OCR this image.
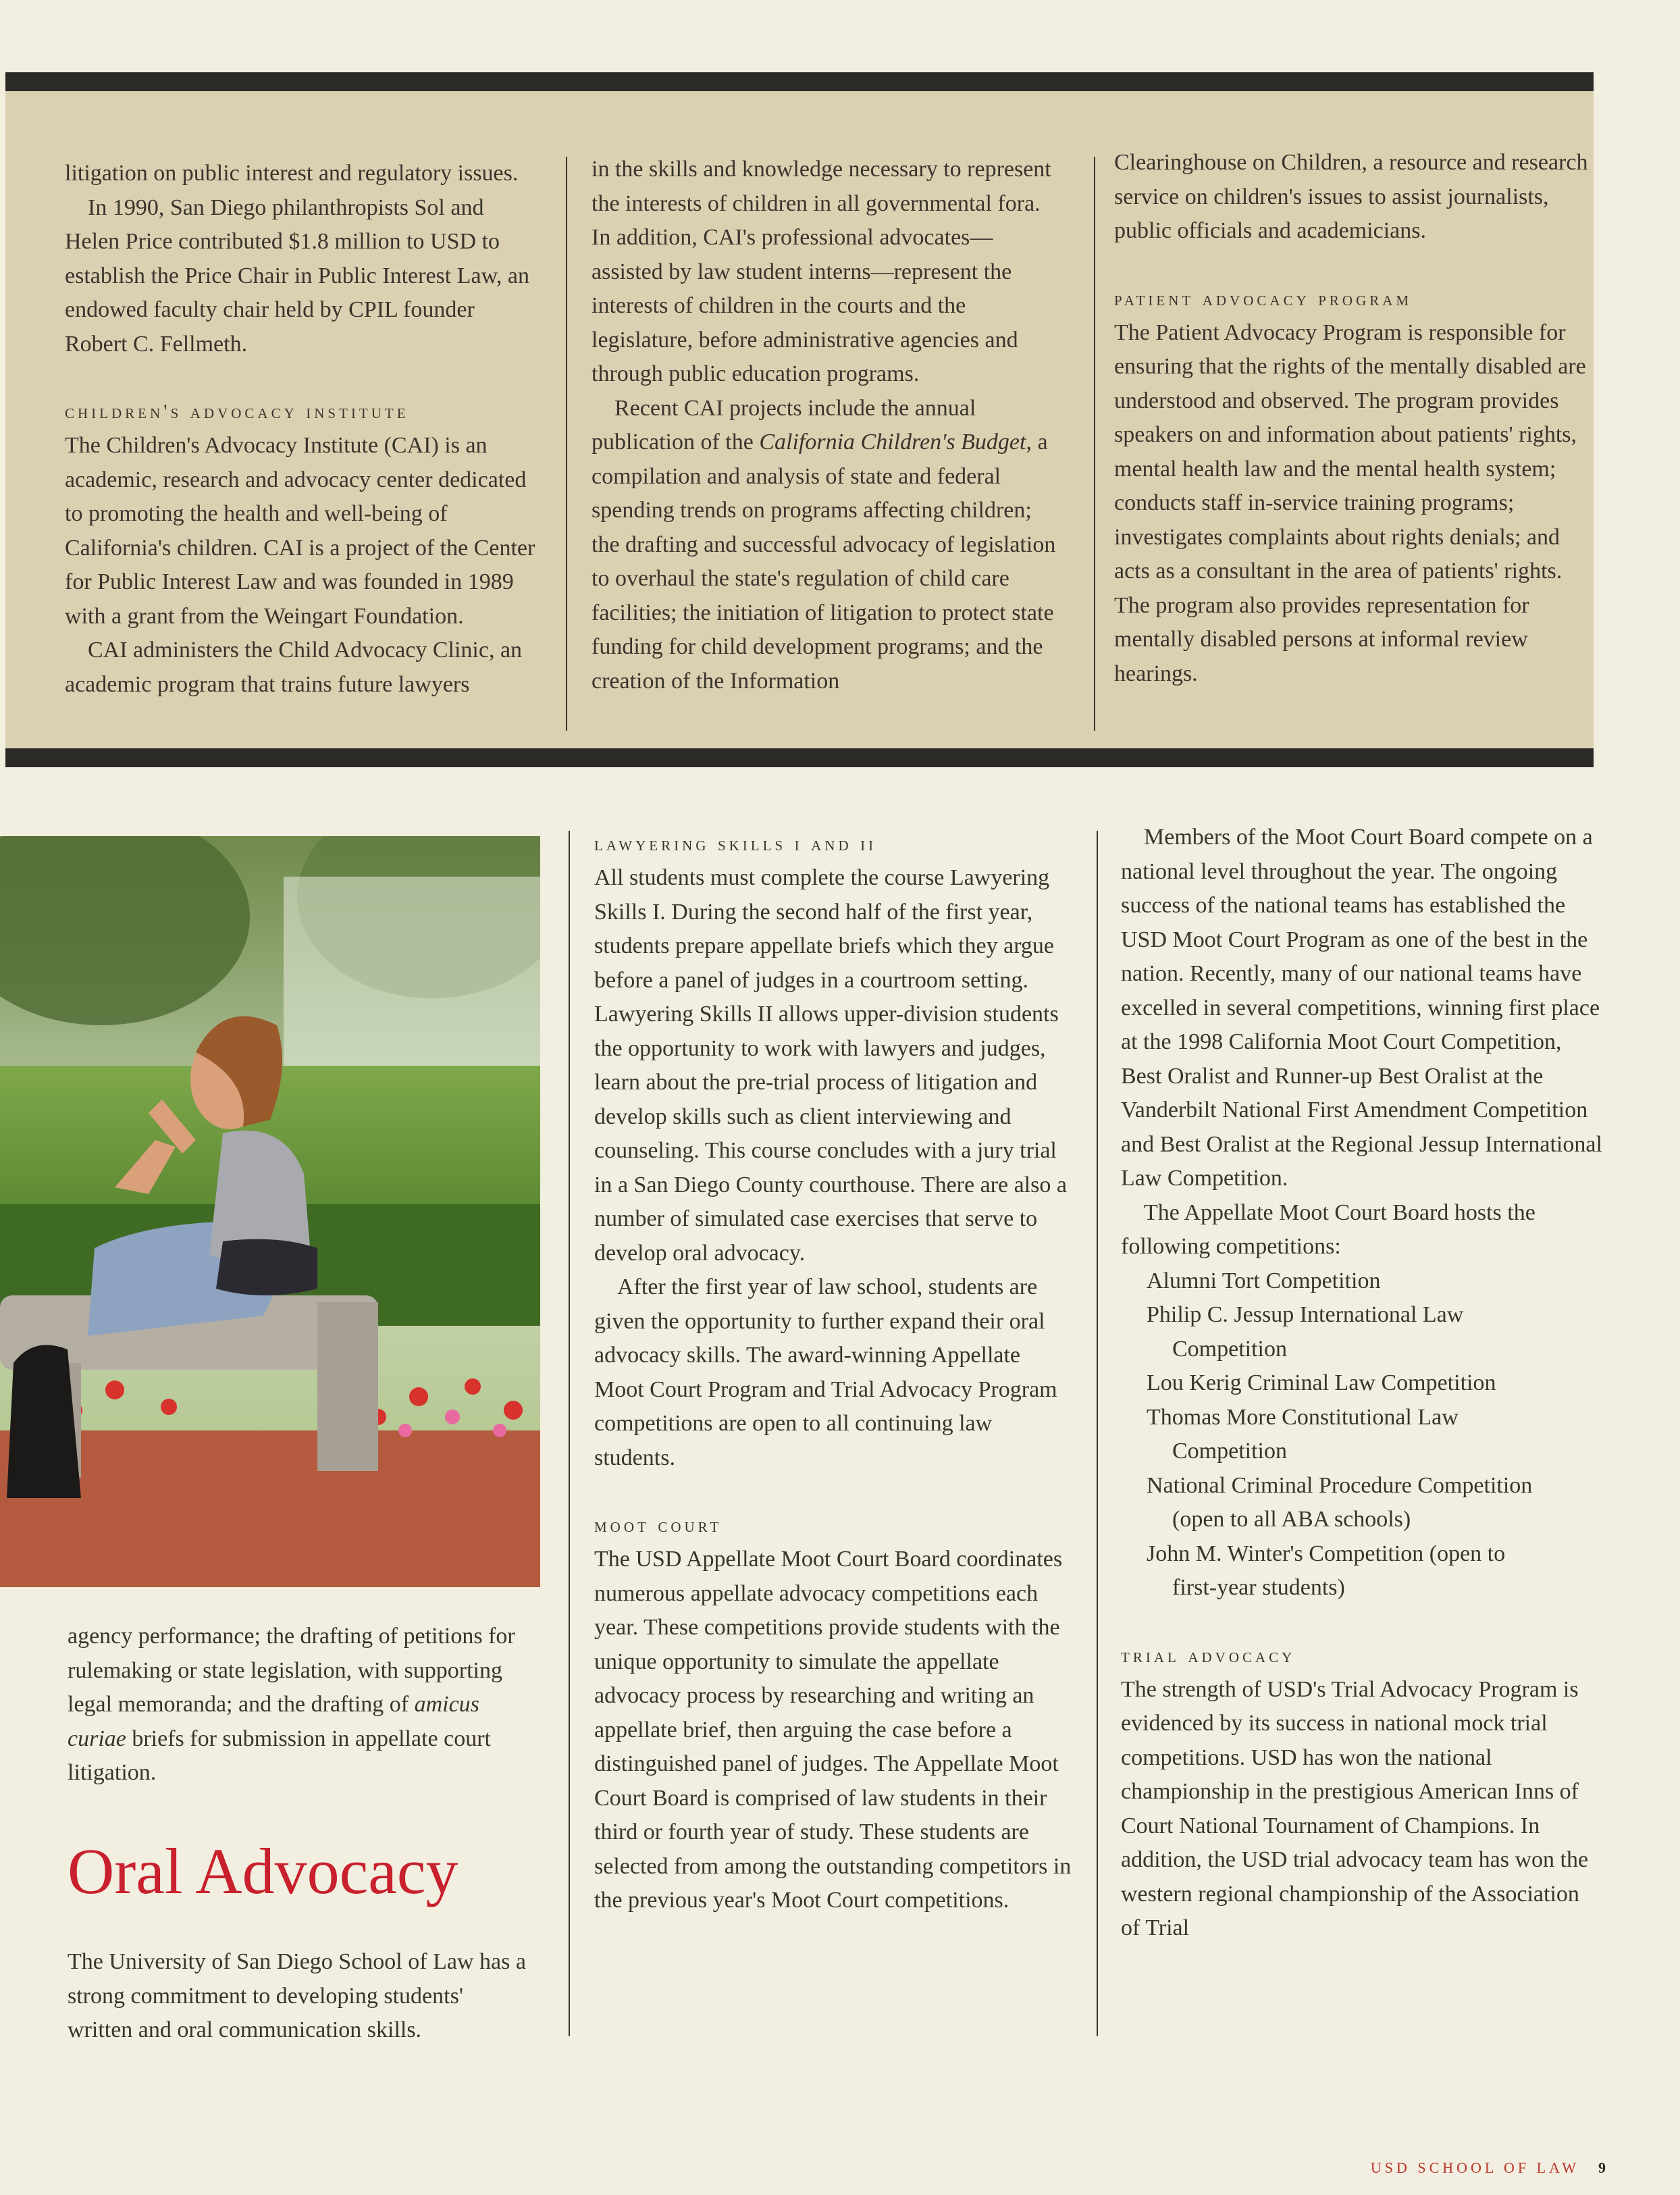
litigation on public interest and regulatory issues.

In 1990, San Diego philanthropists Sol and Helen Price contributed $1.8 million to USD to establish the Price Chair in Public Interest Law, an endowed faculty chair held by CPIL founder Robert C. Fellmeth.

children's advocacy institute

The Children's Advocacy Institute (CAI) is an academic, research and advocacy center dedicated to promoting the health and well-being of California's children. CAI is a project of the Center for Public Interest Law and was founded in 1989 with a grant from the Weingart Foundation.

CAI administers the Child Advocacy Clinic, an academic program that trains future lawyers

in the skills and knowledge necessary to represent the interests of children in all governmental fora. In addition, CAI's professional advocates—assisted by law student interns—represent the interests of children in the courts and the legislature, before administrative agencies and through public education programs.

Recent CAI projects include the annual publication of the California Children's Budget, a compilation and analysis of state and federal spending trends on programs affecting children; the drafting and successful advocacy of legislation to overhaul the state's regulation of child care facilities; the initiation of litigation to protect state funding for child development programs; and the creation of the Information

Clearinghouse on Children, a resource and research service on children's issues to assist journalists, public officials and academicians.

patient advocacy program

The Patient Advocacy Program is responsible for ensuring that the rights of the mentally disabled are understood and observed. The program provides speakers on and information about patients' rights, mental health law and the mental health system; conducts staff in-service training programs; investigates complaints about rights denials; and acts as a consultant in the area of patients' rights. The program also provides representation for mentally disabled persons at informal review hearings.

agency performance; the drafting of petitions for rulemaking or state legislation, with supporting legal memoranda; and the drafting of amicus curiae briefs for submission in appellate court litigation.

Oral Advocacy

The University of San Diego School of Law has a strong commitment to developing students' written and oral communication skills.

lawyering skills i and ii

All students must complete the course Lawyering Skills I. During the second half of the first year, students prepare appellate briefs which they argue before a panel of judges in a courtroom setting. Lawyering Skills II allows upper-division students the opportunity to work with lawyers and judges, learn about the pre-trial process of litigation and develop skills such as client interviewing and counseling. This course concludes with a jury trial in a San Diego County courthouse. There are also a number of simulated case exercises that serve to develop oral advocacy.

After the first year of law school, students are given the opportunity to further expand their oral advocacy skills. The award-winning Appellate Moot Court Program and Trial Advocacy Program competitions are open to all continuing law students.

moot court

The USD Appellate Moot Court Board coordinates numerous appellate advocacy competitions each year. These competitions provide students with the unique opportunity to simulate the appellate advocacy process by researching and writing an appellate brief, then arguing the case before a distinguished panel of judges. The Appellate Moot Court Board is comprised of law students in their third or fourth year of study. These students are selected from among the outstanding competitors in the previous year's Moot Court competitions.

Members of the Moot Court Board compete on a national level throughout the year. The ongoing success of the national teams has established the USD Moot Court Program as one of the best in the nation. Recently, many of our national teams have excelled in several competitions, winning first place at the 1998 California Moot Court Competition, Best Oralist and Runner-up Best Oralist at the Vanderbilt National First Amendment Competition and Best Oralist at the Regional Jessup International Law Competition.

The Appellate Moot Court Board hosts the following competitions:

Alumni Tort Competition
Philip C. Jessup International Law
Competition
Lou Kerig Criminal Law Competition
Thomas More Constitutional Law
Competition
National Criminal Procedure Competition
(open to all ABA schools)
John M. Winter's Competition (open to
first-year students)
trial advocacy

The strength of USD's Trial Advocacy Program is evidenced by its success in national mock trial competitions. USD has won the national championship in the prestigious American Inns of Court National Tournament of Champions. In addition, the USD trial advocacy team has won the western regional championship of the Association of Trial

USD SCHOOL OF LAW 9
